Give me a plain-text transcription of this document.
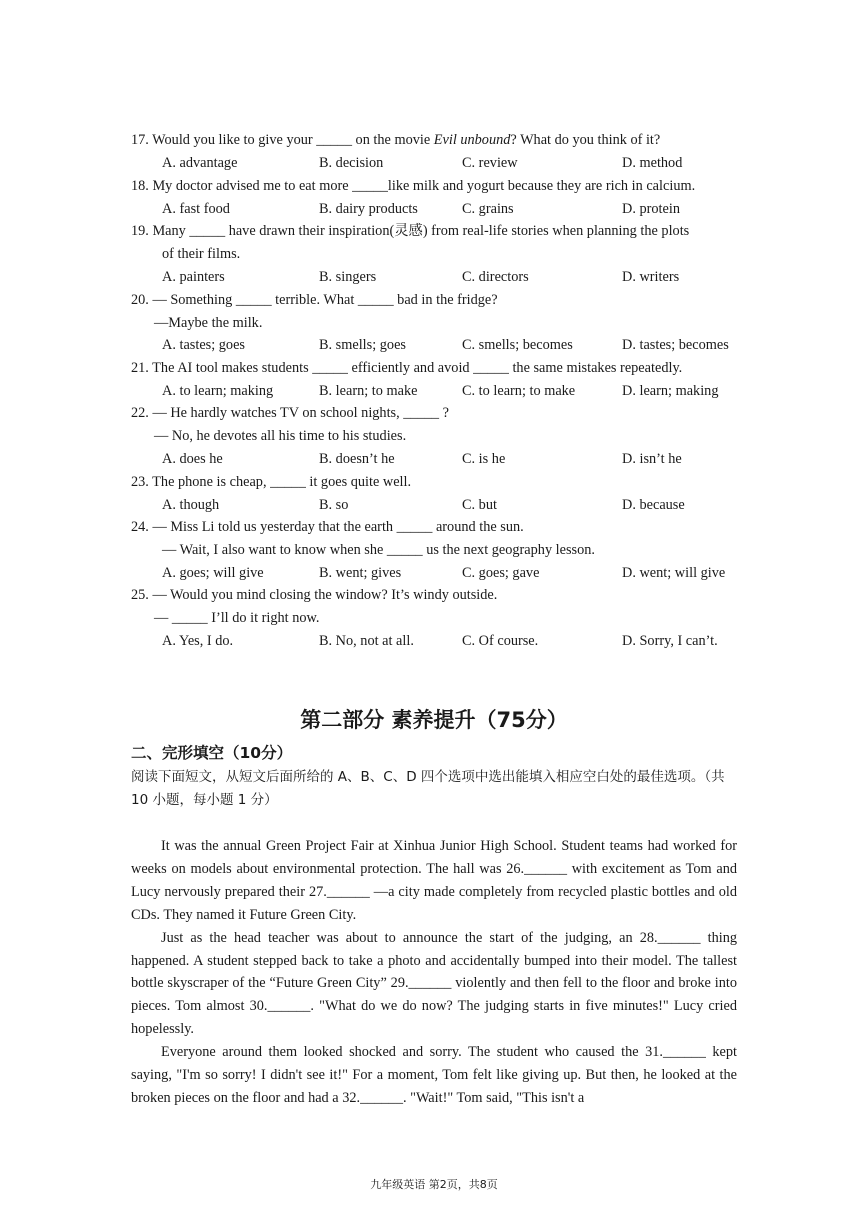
17. Would you like to give your _____ on the movie Evil unbound? What do you think of it?
A. advantage	B. decision	C. review	D. method
18. My doctor advised me to eat more _____like milk and yogurt because they are rich in calcium.
A. fast food	B. dairy products	C. grains	D. protein
19. Many _____ have drawn their inspiration(灵感) from real-life stories when planning the plots
of their films.
A. painters	B. singers	C. directors	D. writers
20. — Something _____ terrible. What _____ bad in the fridge?
—Maybe the milk.
A. tastes; goes	B. smells; goes	C. smells; becomes	D. tastes; becomes
21. The AI tool makes students _____ efficiently and avoid _____ the same mistakes repeatedly.
A. to learn; making	B. learn; to make	C. to learn; to make	D. learn; making
22. — He hardly watches TV on school nights, _____ ?
— No, he devotes all his time to his studies.
A. does he	B. doesn’t he	C. is he	D. isn’t he
23. The phone is cheap, _____ it goes quite well.
A. though	B. so	C. but	D. because
24. — Miss Li told us yesterday that the earth _____ around the sun.
— Wait, I also want to know when she _____ us the next geography lesson.
A. goes; will give	B. went; gives	C. goes; gave	D. went; will give
25. — Would you mind closing the window? It’s windy outside.
— _____ I’ll do it right now.
A. Yes, I do.	B. No, not at all.	C. Of course.	D. Sorry, I can’t.
第二部分 素养提升（75分）
二、完形填空（10分）
阅读下面短文，从短文后面所给的 A、B、C、D 四个选项中选出能填入相应空白处的最佳选项。（共 10 小题，每小题 1 分）

It was the annual Green Project Fair at Xinhua Junior High School. Student teams had worked for weeks on models about environmental protection. The hall was 26.______ with excitement as Tom and Lucy nervously prepared their 27.______ —a city made completely from recycled plastic bottles and old CDs. They named it Future Green City.

Just as the head teacher was about to announce the start of the judging, an 28.______ thing happened. A student stepped back to take a photo and accidentally bumped into their model. The tallest bottle skyscraper of the “Future Green City” 29.______ violently and then fell to the floor and broke into pieces. Tom almost 30.______. "What do we do now? The judging starts in five minutes!" Lucy cried hopelessly.

Everyone around them looked shocked and sorry. The student who caused the 31.______ kept saying, "I'm so sorry! I didn't see it!" For a moment, Tom felt like giving up. But then, he looked at the broken pieces on the floor and had a 32.______. "Wait!" Tom said, "This isn't a

九年级英语 第2页，共8页
